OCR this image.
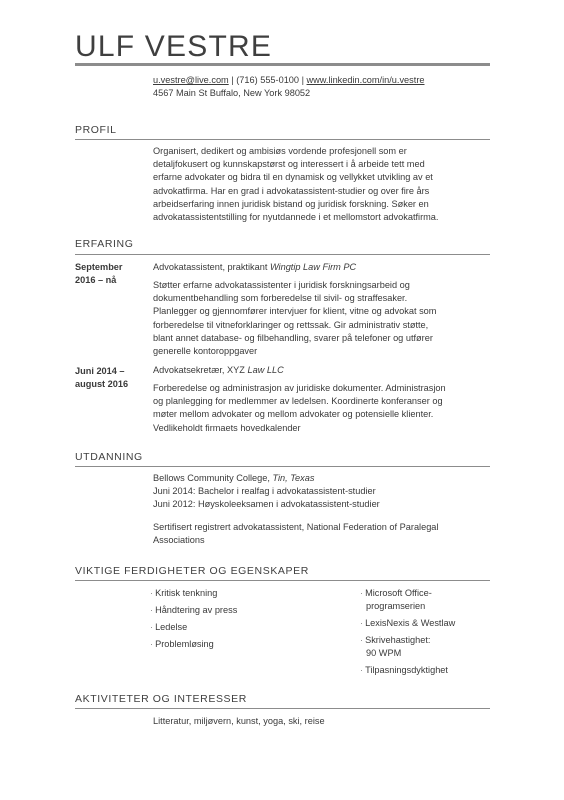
ULF VESTRE
u.vestre@live.com | (716) 555-0100 | www.linkedin.com/in/u.vestre
4567 Main St Buffalo, New York 98052
PROFIL
Organisert, dedikert og ambisiøs vordende profesjonell som er
detaljfokusert og kunnskapstørst og interessert i å arbeide tett med
erfarne advokater og bidra til en dynamisk og vellykket utvikling av et
advokatfirma. Har en grad i advokatassistent-studier og over fire års
arbeidserfaring innen juridisk bistand og juridisk forskning. Søker en
advokatassistentstilling for nyutdannede i et mellomstort advokatfirma.
ERFARING
September
2016 – nå
Advokatassistent, praktikant Wingtip Law Firm PC
Støtter erfarne advokatassistenter i juridisk forskningsarbeid og
dokumentbehandling som forberedelse til sivil- og straffesaker.
Planlegger og gjennomfører intervjuer for klient, vitne og advokat som
forberedelse til vitneforklaringer og rettssak. Gir administrativ støtte,
blant annet database- og filbehandling, svarer på telefoner og utfører
generelle kontoroppgaver
Juni 2014 –
august 2016
Advokatsekretær, XYZ Law LLC
Forberedelse og administrasjon av juridiske dokumenter. Administrasjon
og planlegging for medlemmer av ledelsen. Koordinerte konferanser og
møter mellom advokater og mellom advokater og potensielle klienter.
Vedlikeholdt firmaets hovedkalender
UTDANNING
Bellows Community College, Tin, Texas
Juni 2014: Bachelor i realfag i advokatassistent-studier
Juni 2012: Høyskoleeksamen i advokatassistent-studier
Sertifisert registrert advokatassistent, National Federation of Paralegal
Associations
VIKTIGE FERDIGHETER OG EGENSKAPER
· Kritisk tenkning
· Håndtering av press
· Ledelse
· Problemløsing
· Microsoft Office-
programserien
· LexisNexis & Westlaw
· Skrivehastighet:
90 WPM
· Tilpasningsdyktighet
AKTIVITETER OG INTERESSER
Litteratur, miljøvern, kunst, yoga, ski, reise
